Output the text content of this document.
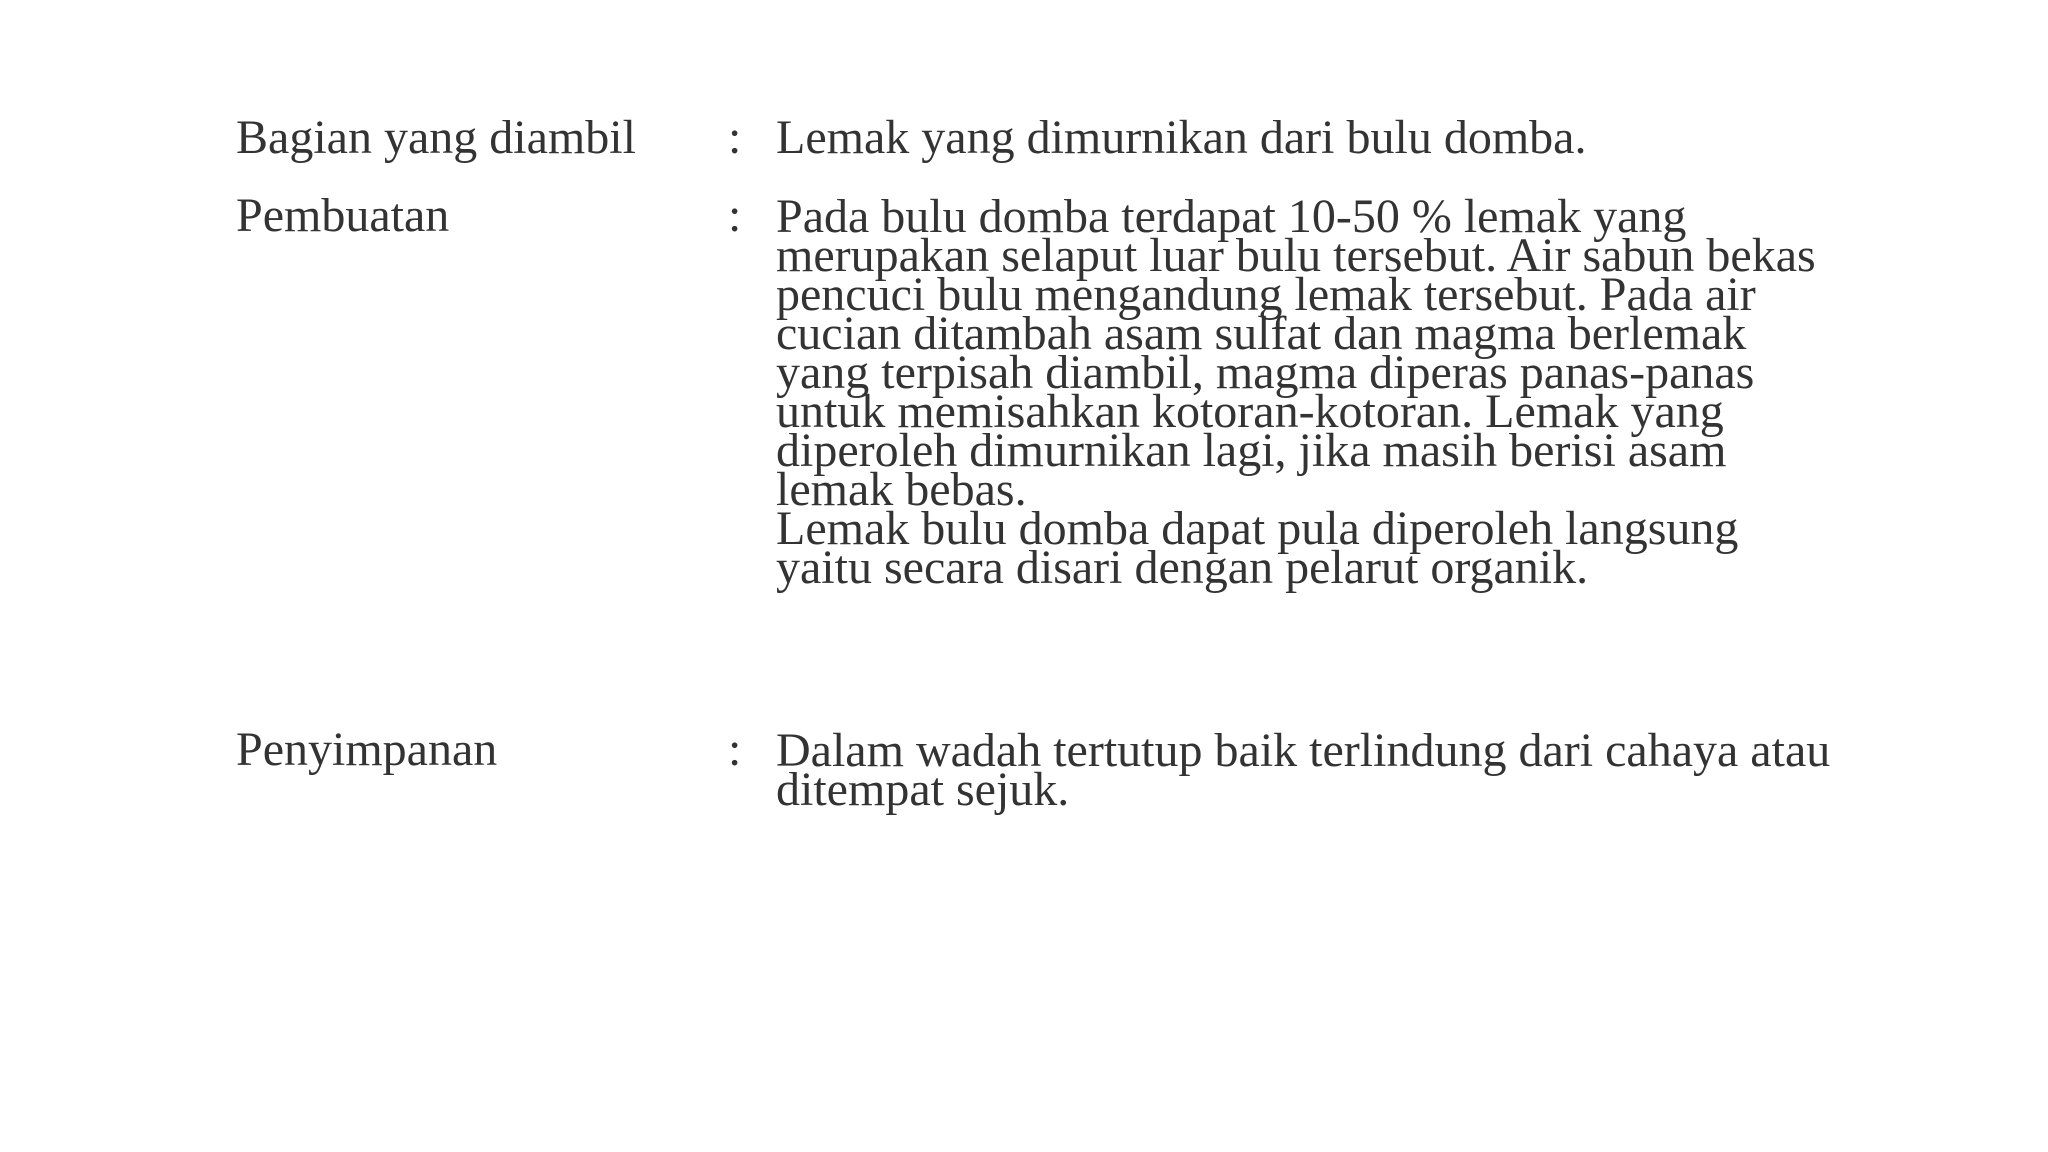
Bagian yang diambil : Lemak yang dimurnikan dari bulu domba.

Pembuatan	: Pada bulu domba terdapat 10-50 % lemak yang merupakan selaput luar bulu tersebut. Air sabun bekas pencuci bulu mengandung lemak tersebut. Pada air cucian ditambah asam sulfat dan magma berlemak yang terpisah diambil, magma diperas panas-panas untuk memisahkan kotoran-kotoran. Lemak yang diperoleh dimurnikan lagi, jika masih berisi asam lemak bebas.

Lemak bulu domba dapat pula diperoleh langsung yaitu secara disari dengan pelarut organik.

Penyimpanan	: Dalam wadah tertutup baik terlindung dari cahaya atau ditempat sejuk.
